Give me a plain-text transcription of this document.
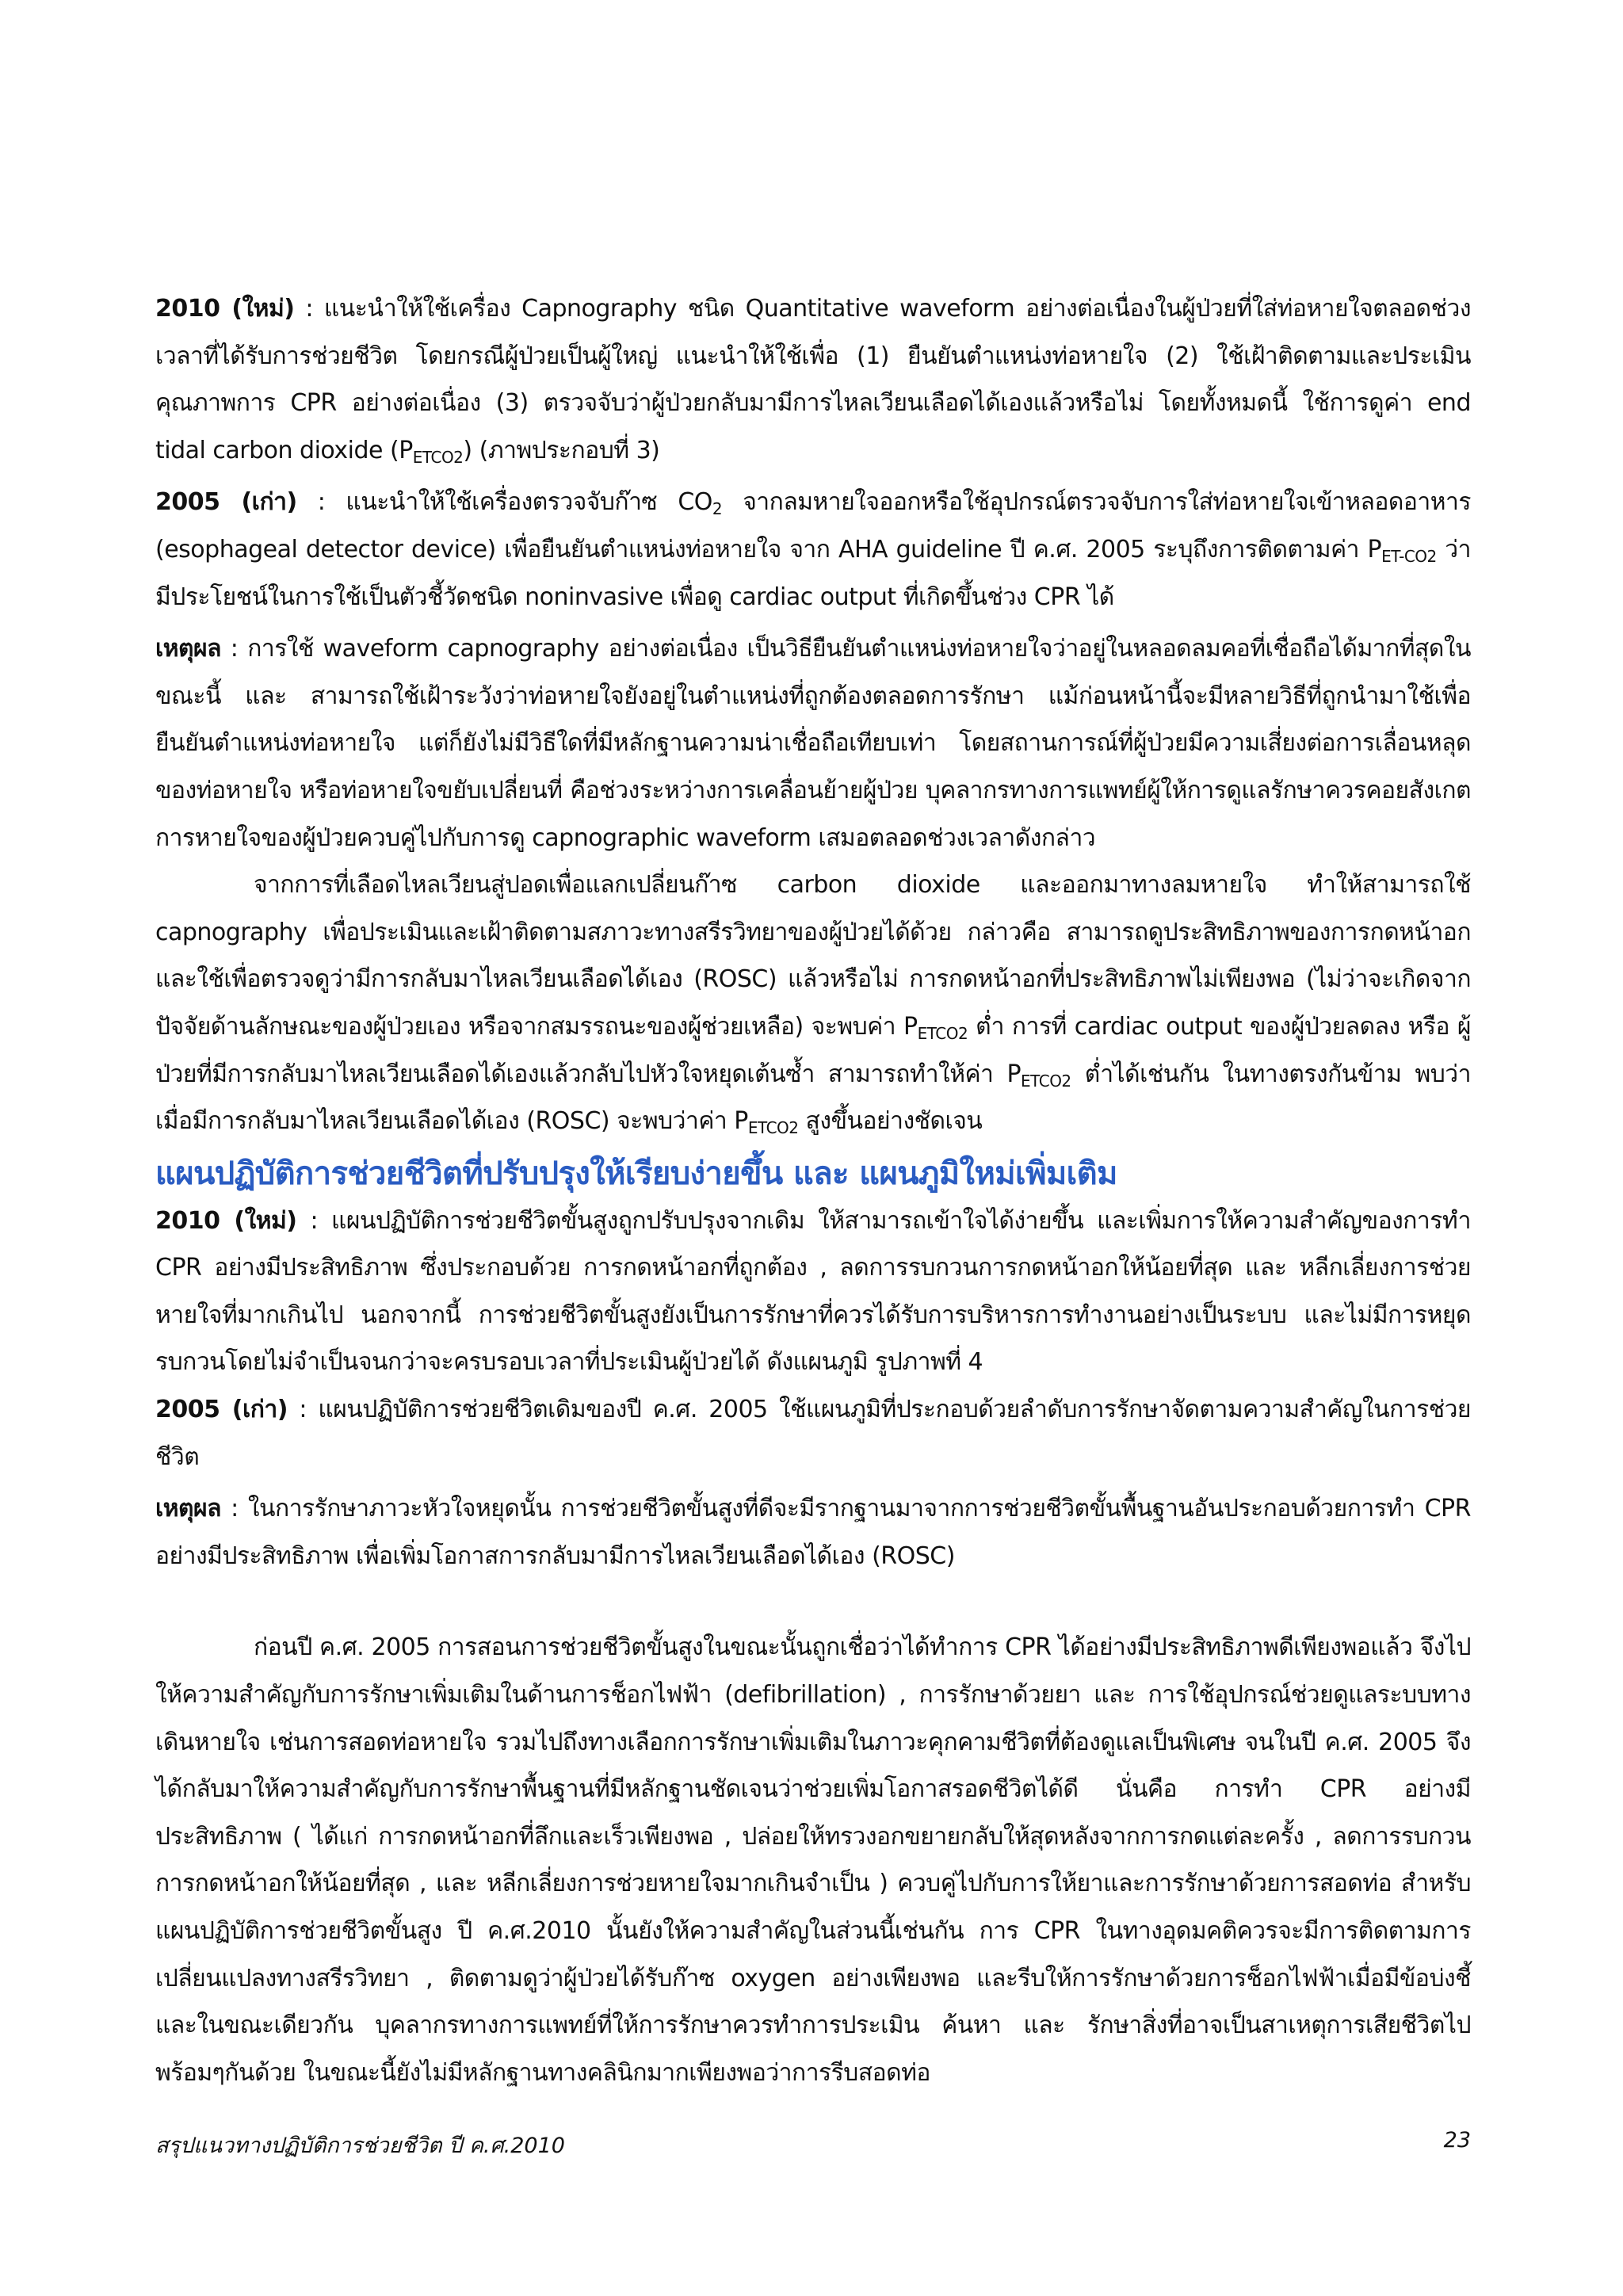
2010 (ใหม่) : แนะนำให้ใช้เครื่อง Capnography ชนิด Quantitative waveform อย่างต่อเนื่องในผู้ป่วยที่ใส่ท่อหายใจตลอดช่วงเวลาที่ได้รับการช่วยชีวิต โดยกรณีผู้ป่วยเป็นผู้ใหญ่ แนะนำให้ใช้เพื่อ (1) ยืนยันตำแหน่งท่อหายใจ (2) ใช้เฝ้าติดตามและประเมินคุณภาพการ CPR อย่างต่อเนื่อง (3) ตรวจจับว่าผู้ป่วยกลับมามีการไหลเวียนเลือดได้เองแล้วหรือไม่ โดยทั้งหมดนี้ ใช้การดูค่า end tidal carbon dioxide $(P_{ETCO2})$ (ภาพประกอบที่ 3)

2005 (เก่า) : แนะนำให้ใช้เครื่องตรวจจับก๊าซ $CO_2$ จากลมหายใจออกหรือใช้อุปกรณ์ตรวจจับการใส่ท่อหายใจเข้าหลอดอาหาร (esophageal detector device) เพื่อยืนยันตำแหน่งท่อหายใจ จาก AHA guideline ปี ค.ศ. 2005 ระบุถึงการติดตามค่า $P_{ET-CO2}$ ว่ามีประโยชน์ในการใช้เป็นตัวชี้วัดชนิด noninvasive เพื่อดู cardiac output ที่เกิดขึ้นช่วง CPR ได้

เหตุผล : การใช้ waveform capnography อย่างต่อเนื่อง เป็นวิธียืนยันตำแหน่งท่อหายใจว่าอยู่ในหลอดลมคอที่เชื่อถือได้มากที่สุดในขณะนี้ และ สามารถใช้เฝ้าระวังว่าท่อหายใจยังอยู่ในตำแหน่งที่ถูกต้องตลอดการรักษา แม้ก่อนหน้านี้จะมีหลายวิธีที่ถูกนำมาใช้เพื่อยืนยันตำแหน่งท่อหายใจ แต่ก็ยังไม่มีวิธีใดที่มีหลักฐานความน่าเชื่อถือเทียบเท่า โดยสถานการณ์ที่ผู้ป่วยมีความเสี่ยงต่อการเลื่อนหลุดของท่อหายใจ หรือท่อหายใจขยับเปลี่ยนที่ คือช่วงระหว่างการเคลื่อนย้ายผู้ป่วย บุคลากรทางการแพทย์ผู้ให้การดูแลรักษาควรคอยสังเกตการหายใจของผู้ป่วยควบคู่ไปกับการดู capnographic waveform เสมอตลอดช่วงเวลาดังกล่าว

จากการที่เลือดไหลเวียนสู่ปอดเพื่อแลกเปลี่ยนก๊าซ carbon dioxide และออกมาทางลมหายใจ ทำให้สามารถใช้ capnography เพื่อประเมินและเฝ้าติดตามสภาวะทางสรีรวิทยาของผู้ป่วยได้ด้วย กล่าวคือ สามารถดูประสิทธิภาพของการกดหน้าอก และใช้เพื่อตรวจดูว่ามีการกลับมาไหลเวียนเลือดได้เอง (ROSC) แล้วหรือไม่ การกดหน้าอกที่ประสิทธิภาพไม่เพียงพอ (ไม่ว่าจะเกิดจากปัจจัยด้านลักษณะของผู้ป่วยเอง หรือจากสมรรถนะของผู้ช่วยเหลือ) จะพบค่า $P_{ETCO2}$ ต่ำ การที่ cardiac output ของผู้ป่วยลดลง หรือ ผู้ป่วยที่มีการกลับมาไหลเวียนเลือดได้เองแล้วกลับไปหัวใจหยุดเต้นซ้ำ สามารถทำให้ค่า $P_{ETCO2}$ ต่ำได้เช่นกัน ในทางตรงกันข้าม พบว่าเมื่อมีการกลับมาไหลเวียนเลือดได้เอง (ROSC) จะพบว่าค่า $P_{ETCO2}$ สูงขึ้นอย่างชัดเจน

แผนปฏิบัติการช่วยชีวิตที่ปรับปรุงให้เรียบง่ายขึ้น และ แผนภูมิใหม่เพิ่มเติม

2010 (ใหม่) : แผนปฏิบัติการช่วยชีวิตขั้นสูงถูกปรับปรุงจากเดิม ให้สามารถเข้าใจได้ง่ายขึ้น และเพิ่มการให้ความสำคัญของการทำ CPR อย่างมีประสิทธิภาพ ซึ่งประกอบด้วย การกดหน้าอกที่ถูกต้อง , ลดการรบกวนการกดหน้าอกให้น้อยที่สุด และ หลีกเลี่ยงการช่วยหายใจที่มากเกินไป นอกจากนี้ การช่วยชีวิตขั้นสูงยังเป็นการรักษาที่ควรได้รับการบริหารการทำงานอย่างเป็นระบบ และไม่มีการหยุดรบกวนโดยไม่จำเป็นจนกว่าจะครบรอบเวลาที่ประเมินผู้ป่วยได้ ดังแผนภูมิ รูปภาพที่ 4

2005 (เก่า) : แผนปฏิบัติการช่วยชีวิตเดิมของปี ค.ศ. 2005 ใช้แผนภูมิที่ประกอบด้วยลำดับการรักษาจัดตามความสำคัญในการช่วยชีวิต

เหตุผล : ในการรักษาภาวะหัวใจหยุดนั้น การช่วยชีวิตขั้นสูงที่ดีจะมีรากฐานมาจากการช่วยชีวิตขั้นพื้นฐานอันประกอบด้วยการทำ CPR อย่างมีประสิทธิภาพ เพื่อเพิ่มโอกาสการกลับมามีการไหลเวียนเลือดได้เอง (ROSC)

ก่อนปี ค.ศ. 2005 การสอนการช่วยชีวิตขั้นสูงในขณะนั้นถูกเชื่อว่าได้ทำการ CPR ได้อย่างมีประสิทธิภาพดีเพียงพอแล้ว จึงไปให้ความสำคัญกับการรักษาเพิ่มเติมในด้านการช็อกไฟฟ้า (defibrillation) , การรักษาด้วยยา และ การใช้อุปกรณ์ช่วยดูแลระบบทางเดินหายใจ เช่นการสอดท่อหายใจ รวมไปถึงทางเลือกการรักษาเพิ่มเติมในภาวะคุกคามชีวิตที่ต้องดูแลเป็นพิเศษ จนในปี ค.ศ. 2005 จึงได้กลับมาให้ความสำคัญกับการรักษาพื้นฐานที่มีหลักฐานชัดเจนว่าช่วยเพิ่มโอกาสรอดชีวิตได้ดี นั่นคือ การทำ CPR อย่างมีประสิทธิภาพ ( ได้แก่ การกดหน้าอกที่ลึกและเร็วเพียงพอ , ปล่อยให้ทรวงอกขยายกลับให้สุดหลังจากการกดแต่ละครั้ง , ลดการรบกวนการกดหน้าอกให้น้อยที่สุด , และ หลีกเลี่ยงการช่วยหายใจมากเกินจำเป็น ) ควบคู่ไปกับการให้ยาและการรักษาด้วยการสอดท่อ สำหรับแผนปฏิบัติการช่วยชีวิตขั้นสูง ปี ค.ศ.2010 นั้นยังให้ความสำคัญในส่วนนี้เช่นกัน การ CPR ในทางอุดมคติควรจะมีการติดตามการเปลี่ยนแปลงทางสรีรวิทยา , ติดตามดูว่าผู้ป่วยได้รับก๊าซ oxygen อย่างเพียงพอ และรีบให้การรักษาด้วยการช็อกไฟฟ้าเมื่อมีข้อบ่งชี้ และในขณะเดียวกัน บุคลากรทางการแพทย์ที่ให้การรักษาควรทำการประเมิน ค้นหา และ รักษาสิ่งที่อาจเป็นสาเหตุการเสียชีวิตไปพร้อมๆกันด้วย ในขณะนี้ยังไม่มีหลักฐานทางคลินิกมากเพียงพอว่าการรีบสอดท่อ

สรุปแนวทางปฏิบัติการช่วยชีวิต ปี ค.ศ.2010	23
